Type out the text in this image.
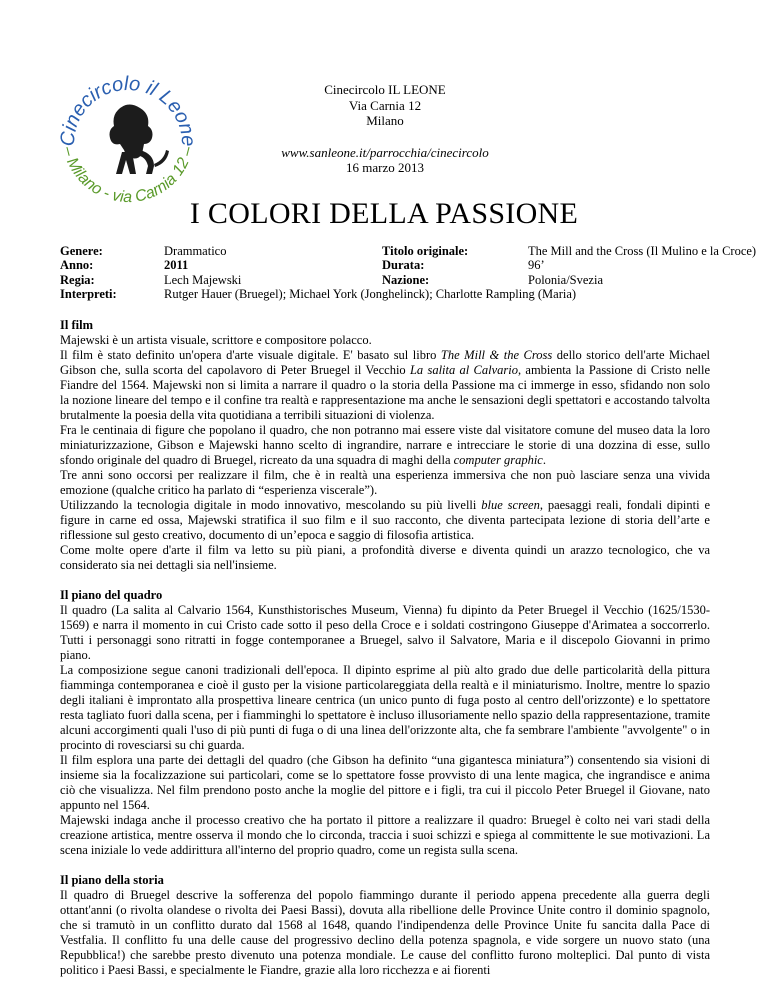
Cinecircolo il Leone
– Milano - via Carnia 12 –
Cinecircolo IL LEONE
Via Carnia 12
Milano
www.sanleone.it/parrocchia/cinecircolo
16 marzo 2013
I COLORI DELLA PASSIONE
Genere:	Drammatico	Titolo originale:	The Mill and the Cross (Il Mulino e la Croce)
Anno:	2011	Durata:	96’
Regia:	Lech Majewski	Nazione:	Polonia/Svezia
Interpreti:	Rutger Hauer (Bruegel); Michael York (Jonghelinck); Charlotte Rampling (Maria)
Il film

Majewski è un artista visuale, scrittore e compositore polacco.

Il film è stato definito un'opera d'arte visuale digitale. E' basato sul libro The Mill & the Cross dello storico dell'arte Michael Gibson che, sulla scorta del capolavoro di Peter Bruegel il Vecchio La salita al Calvario, ambienta la Passione di Cristo nelle Fiandre del 1564. Majewski non si limita a narrare il quadro o la storia della Passione ma ci immerge in esso, sfidando non solo la nozione lineare del tempo e il confine tra realtà e rappresentazione ma anche le sensazioni degli spettatori e accostando talvolta brutalmente la poesia della vita quotidiana a terribili situazioni di violenza.

Fra le centinaia di figure che popolano il quadro, che non potranno mai essere viste dal visitatore comune del museo data la loro miniaturizzazione, Gibson e Majewski hanno scelto di ingrandire, narrare e intrecciare le storie di una dozzina di esse, sullo sfondo originale del quadro di Bruegel, ricreato da una squadra di maghi della computer graphic.

Tre anni sono occorsi per realizzare il film, che è in realtà una esperienza immersiva che non può lasciare senza una vivida emozione (qualche critico ha parlato di “esperienza viscerale”).

Utilizzando la tecnologia digitale in modo innovativo, mescolando su più livelli blue screen, paesaggi reali, fondali dipinti e figure in carne ed ossa, Majewski stratifica il suo film e il suo racconto, che diventa partecipata lezione di storia dell’arte e riflessione sul gesto creativo, documento di un’epoca e saggio di filosofia artistica.

Come molte opere d'arte il film va letto su più piani, a profondità diverse e diventa quindi un arazzo tecnologico, che va considerato sia nei dettagli sia nell'insieme.

Il piano del quadro

Il quadro (La salita al Calvario 1564, Kunsthistorisches Museum, Vienna) fu dipinto da Peter Bruegel il Vecchio (1625/1530-1569) e narra il momento in cui Cristo cade sotto il peso della Croce e i soldati costringono Giuseppe d'Arimatea a soccorrerlo. Tutti i personaggi sono ritratti in fogge contemporanee a Bruegel, salvo il Salvatore, Maria e il discepolo Giovanni in primo piano.

La composizione segue canoni tradizionali dell'epoca. Il dipinto esprime al più alto grado due delle particolarità della pittura fiamminga contemporanea e cioè il gusto per la visione particolareggiata della realtà e il miniaturismo. Inoltre, mentre lo spazio degli italiani è improntato alla prospettiva lineare centrica (un unico punto di fuga posto al centro dell'orizzonte) e lo spettatore resta tagliato fuori dalla scena, per i fiamminghi lo spettatore è incluso illusoriamente nello spazio della rappresentazione, tramite alcuni accorgimenti quali l'uso di più punti di fuga o di una linea dell'orizzonte alta, che fa sembrare l'ambiente "avvolgente" o in procinto di rovesciarsi su chi guarda.

Il film esplora una parte dei dettagli del quadro (che Gibson ha definito “una gigantesca miniatura”) consentendo sia visioni di insieme sia la focalizzazione sui particolari, come se lo spettatore fosse provvisto di una lente magica, che ingrandisce e anima ciò che visualizza. Nel film prendono posto anche la moglie del pittore e i figli, tra cui il piccolo Peter Bruegel il Giovane, nato appunto nel 1564.

Majewski indaga anche il processo creativo che ha portato il pittore a realizzare il quadro: Bruegel è colto nei vari stadi della creazione artistica, mentre osserva il mondo che lo circonda, traccia i suoi schizzi e spiega al committente le sue motivazioni. La scena iniziale lo vede addirittura all'interno del proprio quadro, come un regista sulla scena.

Il piano della storia

Il quadro di Bruegel descrive la sofferenza del popolo fiammingo durante il periodo appena precedente alla guerra degli ottant'anni (o rivolta olandese o rivolta dei Paesi Bassi), dovuta alla ribellione delle Province Unite contro il dominio spagnolo, che si tramutò in un conflitto durato dal 1568 al 1648, quando l'indipendenza delle Province Unite fu sancita dalla Pace di Vestfalia. Il conflitto fu una delle cause del progressivo declino della potenza spagnola, e vide sorgere un nuovo stato (una Repubblica!) che sarebbe presto divenuto una potenza mondiale. Le cause del conflitto furono molteplici. Dal punto di vista politico i Paesi Bassi, e specialmente le Fiandre, grazie alla loro ricchezza e ai fiorenti
